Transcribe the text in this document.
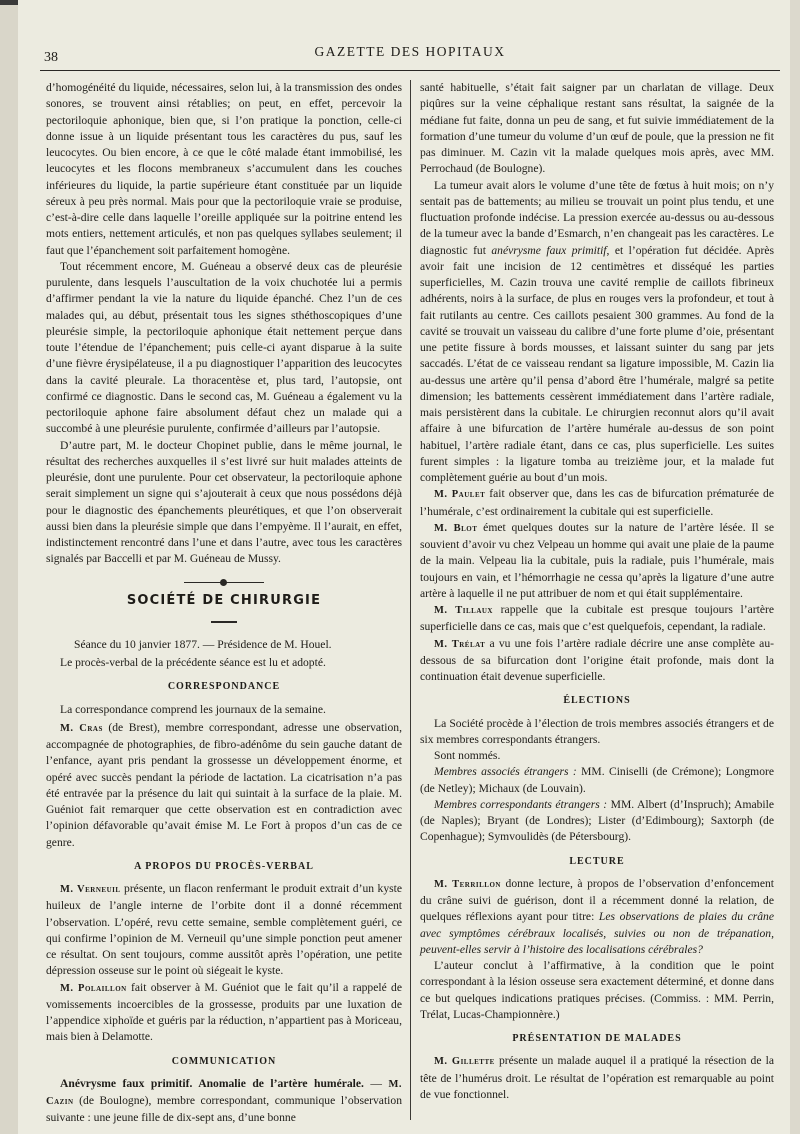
38	GAZETTE DES HOPITAUX

d’homogénéité du liquide, nécessaires, selon lui, à la transmission des ondes sonores, se trouvent ainsi rétablies; on peut, en effet, percevoir la pectoriloquie aphonique, bien que, si l’on pratique la ponction, celle-ci donne issue à un liquide présentant tous les caractères du pus, sauf les leucocytes. Ou bien encore, à ce que le côté malade étant immobilisé, les leucocytes et les flocons membraneux s’accumulent dans les couches inférieures du liquide, la partie supérieure étant constituée par un liquide séreux à peu près normal. Mais pour que la pectoriloquie vraie se produise, c’est-à-dire celle dans laquelle l’oreille appliquée sur la poitrine entend les mots entiers, nettement articulés, et non pas quelques syllabes seulement; il faut que l’épanchement soit parfaitement homogène.

Tout récemment encore, M. Guéneau a observé deux cas de pleurésie purulente, dans lesquels l’auscultation de la voix chuchotée lui a permis d’affirmer pendant la vie la nature du liquide épanché. Chez l’un de ces malades qui, au début, présentait tous les signes sthéthoscopiques d’une pleurésie simple, la pectoriloquie aphonique était nettement perçue dans toute l’étendue de l’épanchement; puis celle-ci ayant disparue à la suite d’une fièvre érysipélateuse, il a pu diagnostiquer l’apparition des leucocytes dans la cavité pleurale. La thoracentèse et, plus tard, l’autopsie, ont confirmé ce diagnostic. Dans le second cas, M. Guéneau a également vu la pectoriloquie aphone faire absolument défaut chez un malade qui a succombé à une pleurésie purulente, confirmée d’ailleurs par l’autopsie.

D’autre part, M. le docteur Chopinet publie, dans le même journal, le résultat des recherches auxquelles il s’est livré sur huit malades atteints de pleurésie, dont une purulente. Pour cet observateur, la pectoriloquie aphone serait simplement un signe qui s’ajouterait à ceux que nous possédons déjà pour le diagnostic des épanchements pleurétiques, et que l’on observerait aussi bien dans la pleurésie simple que dans l’empyème. Il l’aurait, en effet, indistinctement rencontré dans l’une et dans l’autre, avec tous les caractères signalés par Baccelli et par M. Guéneau de Mussy.

SOCIÉTÉ DE CHIRURGIE

Séance du 10 janvier 1877. — Présidence de M. Houel.

Le procès-verbal de la précédente séance est lu et adopté.

CORRESPONDANCE

La correspondance comprend les journaux de la semaine.

M. Cras (de Brest), membre correspondant, adresse une observation, accompagnée de photographies, de fibro-adénôme du sein gauche datant de l’enfance, ayant pris pendant la grossesse un développement énorme, et opéré avec succès pendant la période de lactation. La cicatrisation n’a pas été entravée par la présence du lait qui suintait à la surface de la plaie. M. Guéniot fait remarquer que cette observation est en contradiction avec l’opinion défavorable qu’avait émise M. Le Fort à propos d’un cas de ce genre.

A PROPOS DU PROCÈS-VERBAL

M. Verneuil présente, un flacon renfermant le produit extrait d’un kyste huileux de l’angle interne de l’orbite dont il a donné récemment l’observation. L’opéré, revu cette semaine, semble complètement guéri, ce qui confirme l’opinion de M. Verneuil qu’une simple ponction peut amener ce résultat. On sent toujours, comme aussitôt après l’opération, une petite dépression osseuse sur le point où siégeait le kyste.

M. Polaillon fait observer à M. Guéniot que le fait qu’il a rappelé de vomissements incoercibles de la grossesse, produits par une luxation de l’appendice xiphoïde et guéris par la réduction, n’appartient pas à Moriceau, mais bien à Delamotte.

COMMUNICATION

Anévrysme faux primitif. Anomalie de l’artère humérale. — M. Cazin (de Boulogne), membre correspondant, communique l’observation suivante : une jeune fille de dix-sept ans, d’une bonne

santé habituelle, s’était fait saigner par un charlatan de village. Deux piqûres sur la veine céphalique restant sans résultat, la saignée de la médiane fut faite, donna un peu de sang, et fut suivie immédiatement de la formation d’une tumeur du volume d’un œuf de poule, que la pression ne fit pas diminuer. M. Cazin vit la malade quelques mois après, avec MM. Perrochaud (de Boulogne).

La tumeur avait alors le volume d’une tête de fœtus à huit mois; on n’y sentait pas de battements; au milieu se trouvait un point plus tendu, et une fluctuation profonde indécise. La pression exercée au-dessus ou au-dessous de la tumeur avec la bande d’Esmarch, n’en changeait pas les caractères. Le diagnostic fut anévrysme faux primitif, et l’opération fut décidée. Après avoir fait une incision de 12 centimètres et disséqué les parties superficielles, M. Cazin trouva une cavité remplie de caillots fibrineux adhérents, noirs à la surface, de plus en rouges vers la profondeur, et tout à fait rutilants au centre. Ces caillots pesaient 300 grammes. Au fond de la cavité se trouvait un vaisseau du calibre d’une forte plume d’oie, présentant une petite fissure à bords mousses, et laissant suinter du sang par jets saccadés. L’état de ce vaisseau rendant sa ligature impossible, M. Cazin lia au-dessus une artère qu’il pensa d’abord être l’humérale, malgré sa petite dimension; les battements cessèrent immédiatement dans l’artère radiale, mais persistèrent dans la cubitale. Le chirurgien reconnut alors qu’il avait affaire à une bifurcation de l’artère humérale au-dessus de son point habituel, l’artère radiale étant, dans ce cas, plus superficielle. Les suites furent simples : la ligature tomba au treizième jour, et la malade fut complètement guérie au bout d’un mois.

M. Paulet fait observer que, dans les cas de bifurcation prématurée de l’humérale, c’est ordinairement la cubitale qui est superficielle.

M. Blot émet quelques doutes sur la nature de l’artère lésée. Il se souvient d’avoir vu chez Velpeau un homme qui avait une plaie de la paume de la main. Velpeau lia la cubitale, puis la radiale, puis l’humérale, mais toujours en vain, et l’hémorrhagie ne cessa qu’après la ligature d’une autre artère à laquelle il ne put attribuer de nom et qui était supplémentaire.

M. Tillaux rappelle que la cubitale est presque toujours l’artère superficielle dans ce cas, mais que c’est quelquefois, cependant, la radiale.

M. Trélat a vu une fois l’artère radiale décrire une anse complète au-dessous de sa bifurcation dont l’origine était profonde, mais dont la continuation était devenue superficielle.

ÉLECTIONS

La Société procède à l’élection de trois membres associés étrangers et de six membres correspondants étrangers.

Sont nommés.

Membres associés étrangers : MM. Ciniselli (de Crémone); Longmore (de Netley); Michaux (de Louvain).

Membres correspondants étrangers : MM. Albert (d’Inspruch); Amabile (de Naples); Bryant (de Londres); Lister (d’Edimbourg); Saxtorph (de Copenhague); Symvoulidès (de Pétersbourg).

LECTURE

M. Terrillon donne lecture, à propos de l’observation d’enfoncement du crâne suivi de guérison, dont il a récemment donné la relation, de quelques réflexions ayant pour titre: Les observations de plaies du crâne avec symptômes cérébraux localisés, suivies ou non de trépanation, peuvent-elles servir à l’histoire des localisations cérébrales?

L’auteur conclut à l’affirmative, à la condition que le point correspondant à la lésion osseuse sera exactement déterminé, et donne dans ce but quelques indications pratiques précises. (Commiss. : MM. Perrin, Trélat, Lucas-Championnère.)

PRÉSENTATION DE MALADES

M. Gillette présente un malade auquel il a pratiqué la résection de la tête de l’humérus droit. Le résultat de l’opération est remarquable au point de vue fonctionnel.
